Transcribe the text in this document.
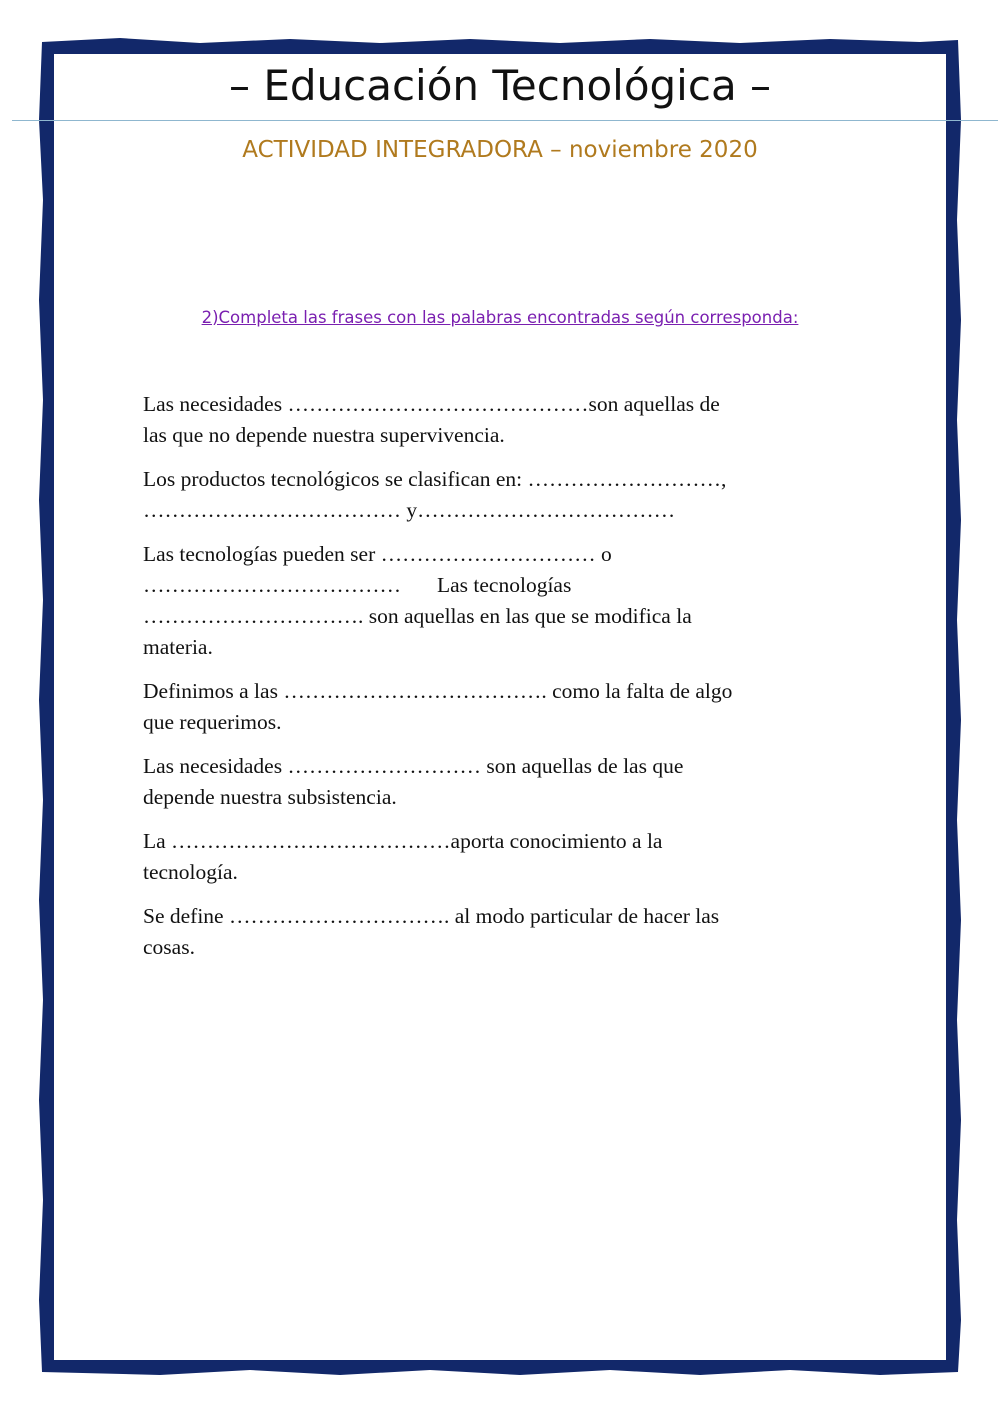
– Educación Tecnológica –
ACTIVIDAD INTEGRADORA – noviembre 2020
2)Completa las frases con las palabras encontradas según corresponda:
Las necesidades ……………………………………son aquellas de
las que no depende nuestra supervivencia.
Los productos tecnológicos se clasifican en: ………………………,
……………………………… y………………………………
Las tecnologías pueden ser ………………………… o
……………………………… Las tecnologías
…………………………. son aquellas en las que se modifica la
materia.
Definimos a las ………………………………. como la falta de algo
que requerimos.
Las necesidades ……………………… son aquellas de las que
depende nuestra subsistencia.
La …………………………………aporta conocimiento a la
tecnología.
Se define …………………………. al modo particular de hacer las
cosas.
